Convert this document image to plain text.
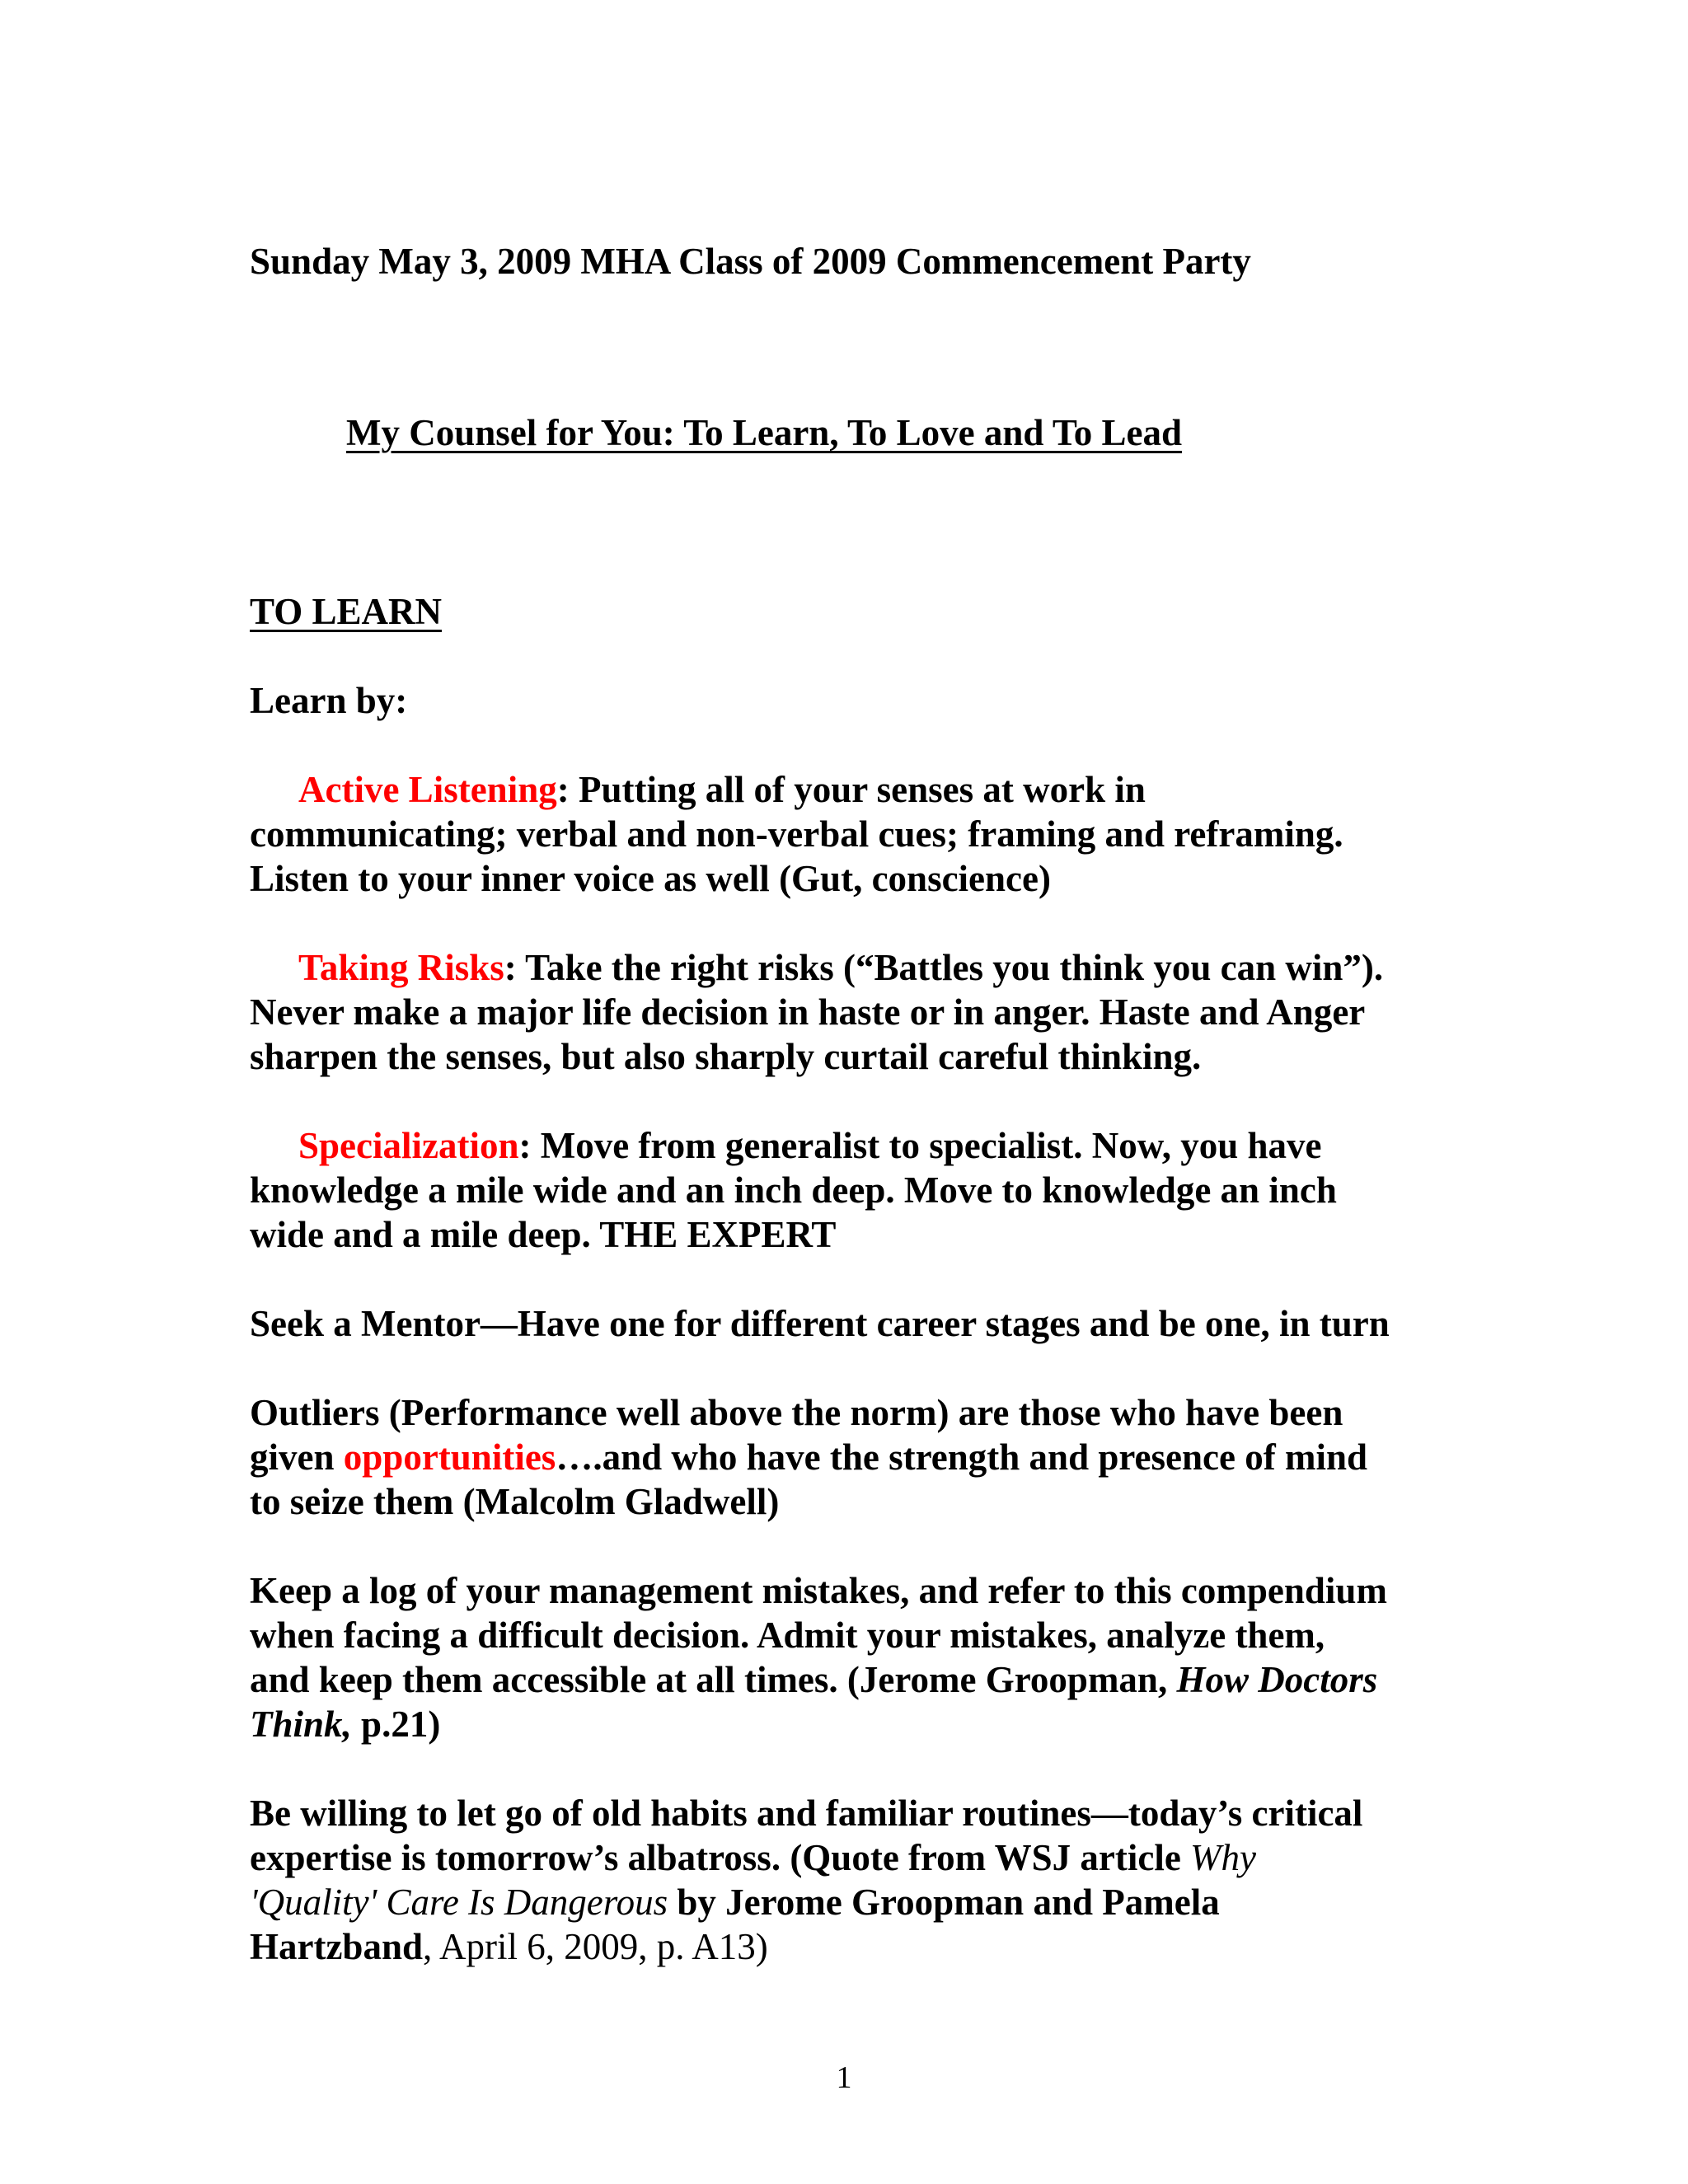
Sunday May 3, 2009 MHA Class of 2009 Commencement Party

My Counsel for You: To Learn, To Love and To Lead

TO LEARN

Learn by:

Active Listening: Putting all of your senses at work in

communicating; verbal and non-verbal cues; framing and reframing.

Listen to your inner voice as well (Gut, conscience)

Taking Risks: Take the right risks (“Battles you think you can win”).

Never make a major life decision in haste or in anger. Haste and Anger

sharpen the senses, but also sharply curtail careful thinking.

Specialization: Move from generalist to specialist. Now, you have

knowledge a mile wide and an inch deep. Move to knowledge an inch

wide and a mile deep. THE EXPERT

Seek a Mentor—Have one for different career stages and be one, in turn

Outliers (Performance well above the norm) are those who have been

given opportunities….and who have the strength and presence of mind

to seize them (Malcolm Gladwell)

Keep a log of your management mistakes, and refer to this compendium

when facing a difficult decision. Admit your mistakes, analyze them,

and keep them accessible at all times. (Jerome Groopman, How Doctors

Think, p.21)

Be willing to let go of old habits and familiar routines—today’s critical

expertise is tomorrow’s albatross. (Quote from WSJ article Why

'Quality' Care Is Dangerous by Jerome Groopman and Pamela

Hartzband, April 6, 2009, p. A13)

1
